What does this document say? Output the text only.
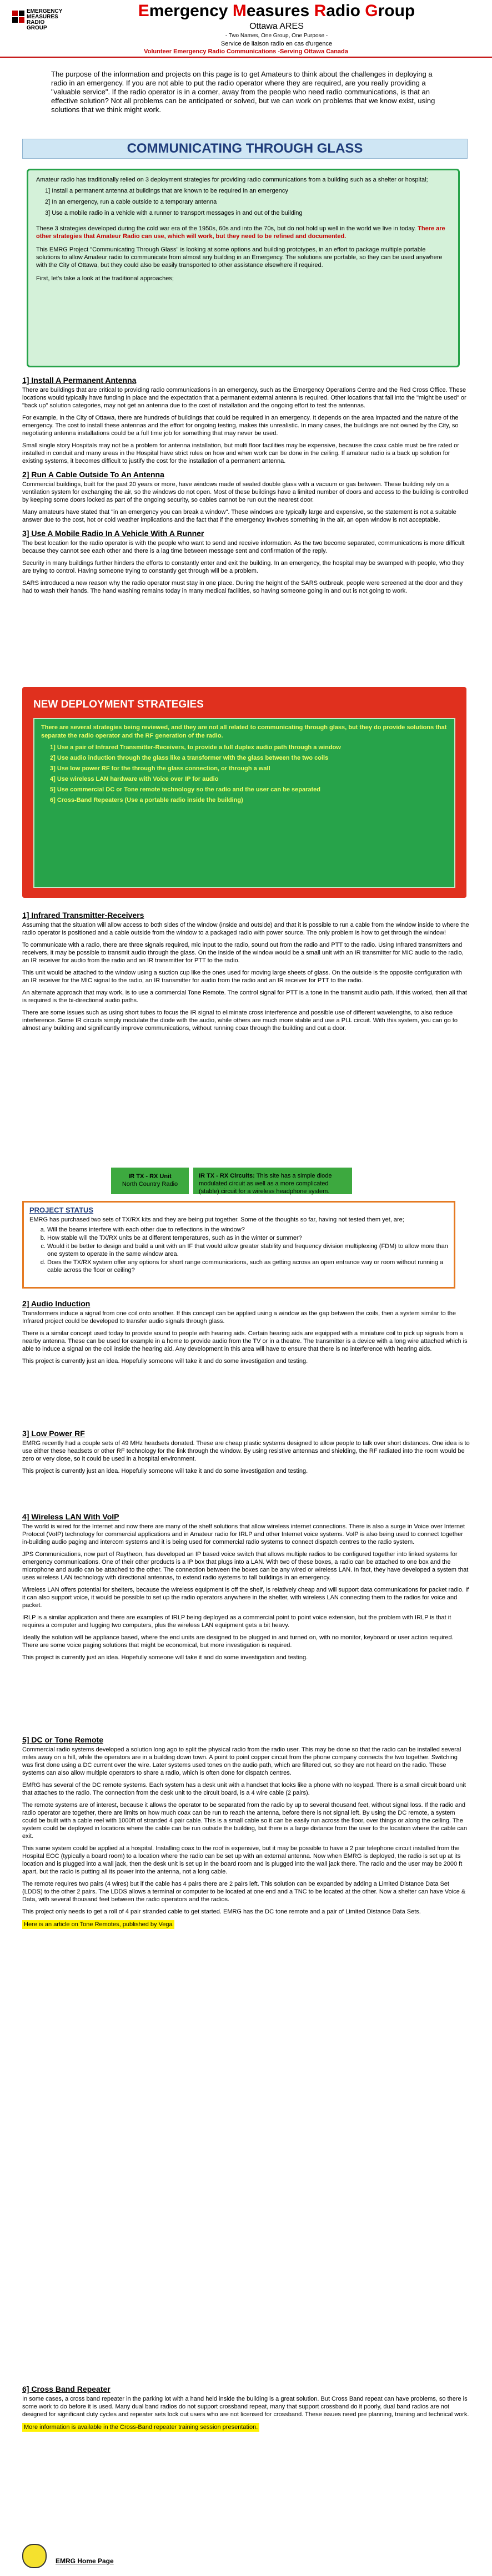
EMERGENCY
MEASURES
RADIO
GROUP
Emergency Measures Radio Group
Ottawa ARES
- Two Names, One Group, One Purpose -
Service de liaison radio en cas d'urgence
Volunteer Emergency Radio Communications -Serving Ottawa Canada
The purpose of the information and projects on this page is to get Amateurs to think about the challenges in deploying a radio in an emergency. If you are not able to put the radio operator where they are required, are you really providing a "valuable service". If the radio operator is in a corner, away from the people who need radio communications, is that an effective solution? Not all problems can be anticipated or solved, but we can work on problems that we know exist, using solutions that we think might work.
COMMUNICATING THROUGH GLASS
Amateur radio has traditionally relied on 3 deployment strategies for providing radio communications from a building such as a shelter or hospital;
1] Install a permanent antenna at buildings that are known to be required in an emergency
2] In an emergency, run a cable outside to a temporary antenna
3] Use a mobile radio in a vehicle with a runner to transport messages in and out of the building
These 3 strategies developed during the cold war era of the 1950s, 60s and into the 70s, but do not hold up well in the world we live in today. There are other strategies that Amateur Radio can use, which will work, but they need to be refined and documented.
This EMRG Project "Communicating Through Glass" is looking at some options and building prototypes, in an effort to package multiple portable solutions to allow Amateur radio to communicate from almost any building in an Emergency. The solutions are portable, so they can be used anywhere with the City of Ottawa, but they could also be easily transported to other assistance elsewhere if required.
First, let's take a look at the traditional approaches;
1] Install A Permanent Antenna

There are buildings that are critical to providing radio communications in an emergency, such as the Emergency Operations Centre and the Red Cross Office. These locations would typically have funding in place and the expectation that a permanent external antenna is required. Other locations that fall into the "might be used" or "back up" solution categories, may not get an antenna due to the cost of installation and the ongoing effort to test the antennas.

For example, in the City of Ottawa, there are hundreds of buildings that could be required in an emergency. It depends on the area impacted and the nature of the emergency. The cost to install these antennas and the effort for ongoing testing, makes this unrealistic. In many cases, the buildings are not owned by the City, so negotiating antenna installations could be a full time job for something that may never be used.

Small single story Hospitals may not be a problem for antenna installation, but multi floor facilities may be expensive, because the coax cable must be fire rated or installed in conduit and many areas in the Hospital have strict rules on how and when work can be done in the ceiling. If amateur radio is a back up solution for existing systems, it becomes difficult to justify the cost for the installation of a permanent antenna.

2] Run A Cable Outside To An Antenna

Commercial buildings, built for the past 20 years or more, have windows made of sealed double glass with a vacuum or gas between. These building rely on a ventilation system for exchanging the air, so the windows do not open. Most of these buildings have a limited number of doors and access to the building is controlled by keeping some doors locked as part of the ongoing security, so cables cannot be run out the nearest door.

Many amateurs have stated that "in an emergency you can break a window". These windows are typically large and expensive, so the statement is not a suitable answer due to the cost, hot or cold weather implications and the fact that if the emergency involves something in the air, an open window is not acceptable.

3] Use A Mobile Radio In A Vehicle With A Runner

The best location for the radio operator is with the people who want to send and receive information. As the two become separated, communications is more difficult because they cannot see each other and there is a lag time between message sent and confirmation of the reply.

Security in many buildings further hinders the efforts to constantly enter and exit the building. In an emergency, the hospital may be swamped with people, who they are trying to control. Having someone trying to constantly get through will be a problem.

SARS introduced a new reason why the radio operator must stay in one place. During the height of the SARS outbreak, people were screened at the door and they had to wash their hands. The hand washing remains today in many medical facilities, so having someone going in and out is not going to work.

NEW DEPLOYMENT STRATEGIES
There are several strategies being reviewed, and they are not all related to communicating through glass, but they do provide solutions that separate the radio operator and the RF generation of the radio.
1] Use a pair of Infrared Transmitter-Receivers, to provide a full duplex audio path through a window
2] Use audio induction through the glass like a transformer with the glass between the two coils
3] Use low power RF for the through the glass connection, or through a wall
4] Use wireless LAN hardware with Voice over IP for audio
5] Use commercial DC or Tone remote technology so the radio and the user can be separated
6] Cross-Band Repeaters (Use a portable radio inside the building)
1] Infrared Transmitter-Receivers

Assuming that the situation will allow access to both sides of the window (inside and outside) and that it is possible to run a cable from the window inside to where the radio operator is positioned and a cable outside from the window to a packaged radio with power source. The only problem is how to get through the window!

To communicate with a radio, there are three signals required, mic input to the radio, sound out from the radio and PTT to the radio. Using Infrared transmitters and receivers, it may be possible to transmit audio through the glass. On the inside of the window would be a small unit with an IR transmitter for MIC audio to the radio, an IR receiver for audio from the radio and an IR transmitter for PTT to the radio.

This unit would be attached to the window using a suction cup like the ones used for moving large sheets of glass. On the outside is the opposite configuration with an IR receiver for the MIC signal to the radio, an IR transmitter for audio from the radio and an IR receiver for PTT to the radio.

An alternate approach that may work, is to use a commercial Tone Remote. The control signal for PTT is a tone in the transmit audio path. If this worked, then all that is required is the bi-directional audio paths.

There are some issues such as using short tubes to focus the IR signal to eliminate cross interference and possible use of different wavelengths, to also reduce interference. Some IR circuits simply modulate the diode with the audio, while others are much more stable and use a PLL circuit. With this system, you can go to almost any building and significantly improve communications, without running coax through the building and out a door.

IR TX - RX Unit
North Country Radio
IR TX - RX Circuits: This site has a simple diode modulated circuit as well as a more complicated (stable) circuit for a wireless headphone system.
PROJECT STATUS
EMRG has purchased two sets of TX/RX kits and they are being put together. Some of the thoughts so far, having not tested them yet, are;
a. Will the beams interfere with each other due to reflections in the window?
b. How stable will the TX/RX units be at different temperatures, such as in the winter or summer?
c. Would it be better to design and build a unit with an IF that would allow greater stability and frequency division multiplexing (FDM) to allow more than one system to operate in the same window area.
d. Does the TX/RX system offer any options for short range communications, such as getting across an open entrance way or room without running a cable across the floor or ceiling?
2] Audio Induction

Transformers induce a signal from one coil onto another. If this concept can be applied using a window as the gap between the coils, then a system similar to the Infrared project could be developed to transfer audio signals through glass.

There is a similar concept used today to provide sound to people with hearing aids. Certain hearing aids are equipped with a miniature coil to pick up signals from a nearby antenna. These can be used for example in a home to provide audio from the TV or in a theatre. The transmitter is a device with a long wire attached which is able to induce a signal on the coil inside the hearing aid. Any development in this area will have to ensure that there is no interference with hearing aids.

This project is currently just an idea. Hopefully someone will take it and do some investigation and testing.

3] Low Power RF

EMRG recently had a couple sets of 49 MHz headsets donated. These are cheap plastic systems designed to allow people to talk over short distances. One idea is to use either these headsets or other RF technology for the link through the window. By using resistive antennas and shielding, the RF radiated into the room would be zero or very close, so it could be used in a hospital environment.

This project is currently just an idea. Hopefully someone will take it and do some investigation and testing.

4] Wireless LAN With VoIP

The world is wired for the Internet and now there are many of the shelf solutions that allow wireless internet connections. There is also a surge in Voice over Internet Protocol (VoIP) technology for commercial applications and in Amateur radio for IRLP and other Internet voice systems. VoIP is also being used to connect together in-building audio paging and intercom systems and it is being used for commercial radio systems to connect dispatch centres to the radio system.

JPS Communications, now part of Raytheon, has developed an IP based voice switch that allows multiple radios to be configured together into linked systems for emergency communications. One of their other products is a IP box that plugs into a LAN. With two of these boxes, a radio can be attached to one box and the microphone and audio can be attached to the other. The connection between the boxes can be any wired or wireless LAN. In fact, they have developed a system that uses wireless LAN technology with directional antennas, to extend radio systems to tall buildings in an emergency.

Wireless LAN offers potential for shelters, because the wireless equipment is off the shelf, is relatively cheap and will support data communications for packet radio. If it can also support voice, it would be possible to set up the radio operators anywhere in the shelter, with wireless LAN connecting them to the radios for voice and packet.

IRLP is a similar application and there are examples of IRLP being deployed as a commercial point to point voice extension, but the problem with IRLP is that it requires a computer and lugging two computers, plus the wireless LAN equipment gets a bit heavy.

Ideally the solution will be appliance based, where the end units are designed to be plugged in and turned on, with no monitor, keyboard or user action required. There are some voice paging solutions that might be economical, but more investigation is required.

This project is currently just an idea. Hopefully someone will take it and do some investigation and testing.

5] DC or Tone Remote

Commercial radio systems developed a solution long ago to split the physical radio from the radio user. This may be done so that the radio can be installed several miles away on a hill, while the operators are in a building down town. A point to point copper circuit from the phone company connects the two together. Switching was first done using a DC current over the wire. Later systems used tones on the audio path, which are filtered out, so they are not heard on the radio. These systems can also allow multiple operators to share a radio, which is often done for dispatch centres.

EMRG has several of the DC remote systems. Each system has a desk unit with a handset that looks like a phone with no keypad. There is a small circuit board unit that attaches to the radio. The connection from the desk unit to the circuit board, is a 4 wire cable (2 pairs).

The remote systems are of interest, because it allows the operator to be separated from the radio by up to several thousand feet, without signal loss. If the radio and radio operator are together, there are limits on how much coax can be run to reach the antenna, before there is not signal left. By using the DC remote, a system could be built with a cable reel with 1000ft of stranded 4 pair cable. This is a small cable so it can be easily run across the floor, over things or along the ceiling. The system could be deployed in locations where the cable can be run outside the building, but there is a large distance from the user to the location where the cable can exit.

This same system could be applied at a hospital. Installing coax to the roof is expensive, but it may be possible to have a 2 pair telephone circuit installed from the Hospital EOC (typically a board room) to a location where the radio can be set up with an external antenna. Now when EMRG is deployed, the radio is set up at its location and is plugged into a wall jack, then the desk unit is set up in the board room and is plugged into the wall jack there. The radio and the user may be 2000 ft apart, but the radio is putting all its power into the antenna, not a long cable.

The remote requires two pairs (4 wires) but if the cable has 4 pairs there are 2 pairs left. This solution can be expanded by adding a Limited Distance Data Set (LDDS) to the other 2 pairs. The LDDS allows a terminal or computer to be located at one end and a TNC to be located at the other. Now a shelter can have Voice & Data, with several thousand feet between the radio operators and the radios.

This project only needs to get a roll of 4 pair stranded cable to get started. EMRG has the DC tone remote and a pair of Limited Distance Data Sets.

Here is an article on Tone Remotes, published by Vega

6] Cross Band Repeater

In some cases, a cross band repeater in the parking lot with a hand held inside the building is a great solution. But Cross Band repeat can have problems, so there is some work to do before it is used. Many dual band radios do not support crossband repeat, many that support crossband do it poorly, dual band radios are not designed for significant duty cycles and repeater sets lock out users who are not licensed for crossband. These issues need pre planning, training and technical work.

More information is available in the Cross-Band repeater training session presentation.

EMRG Home Page
